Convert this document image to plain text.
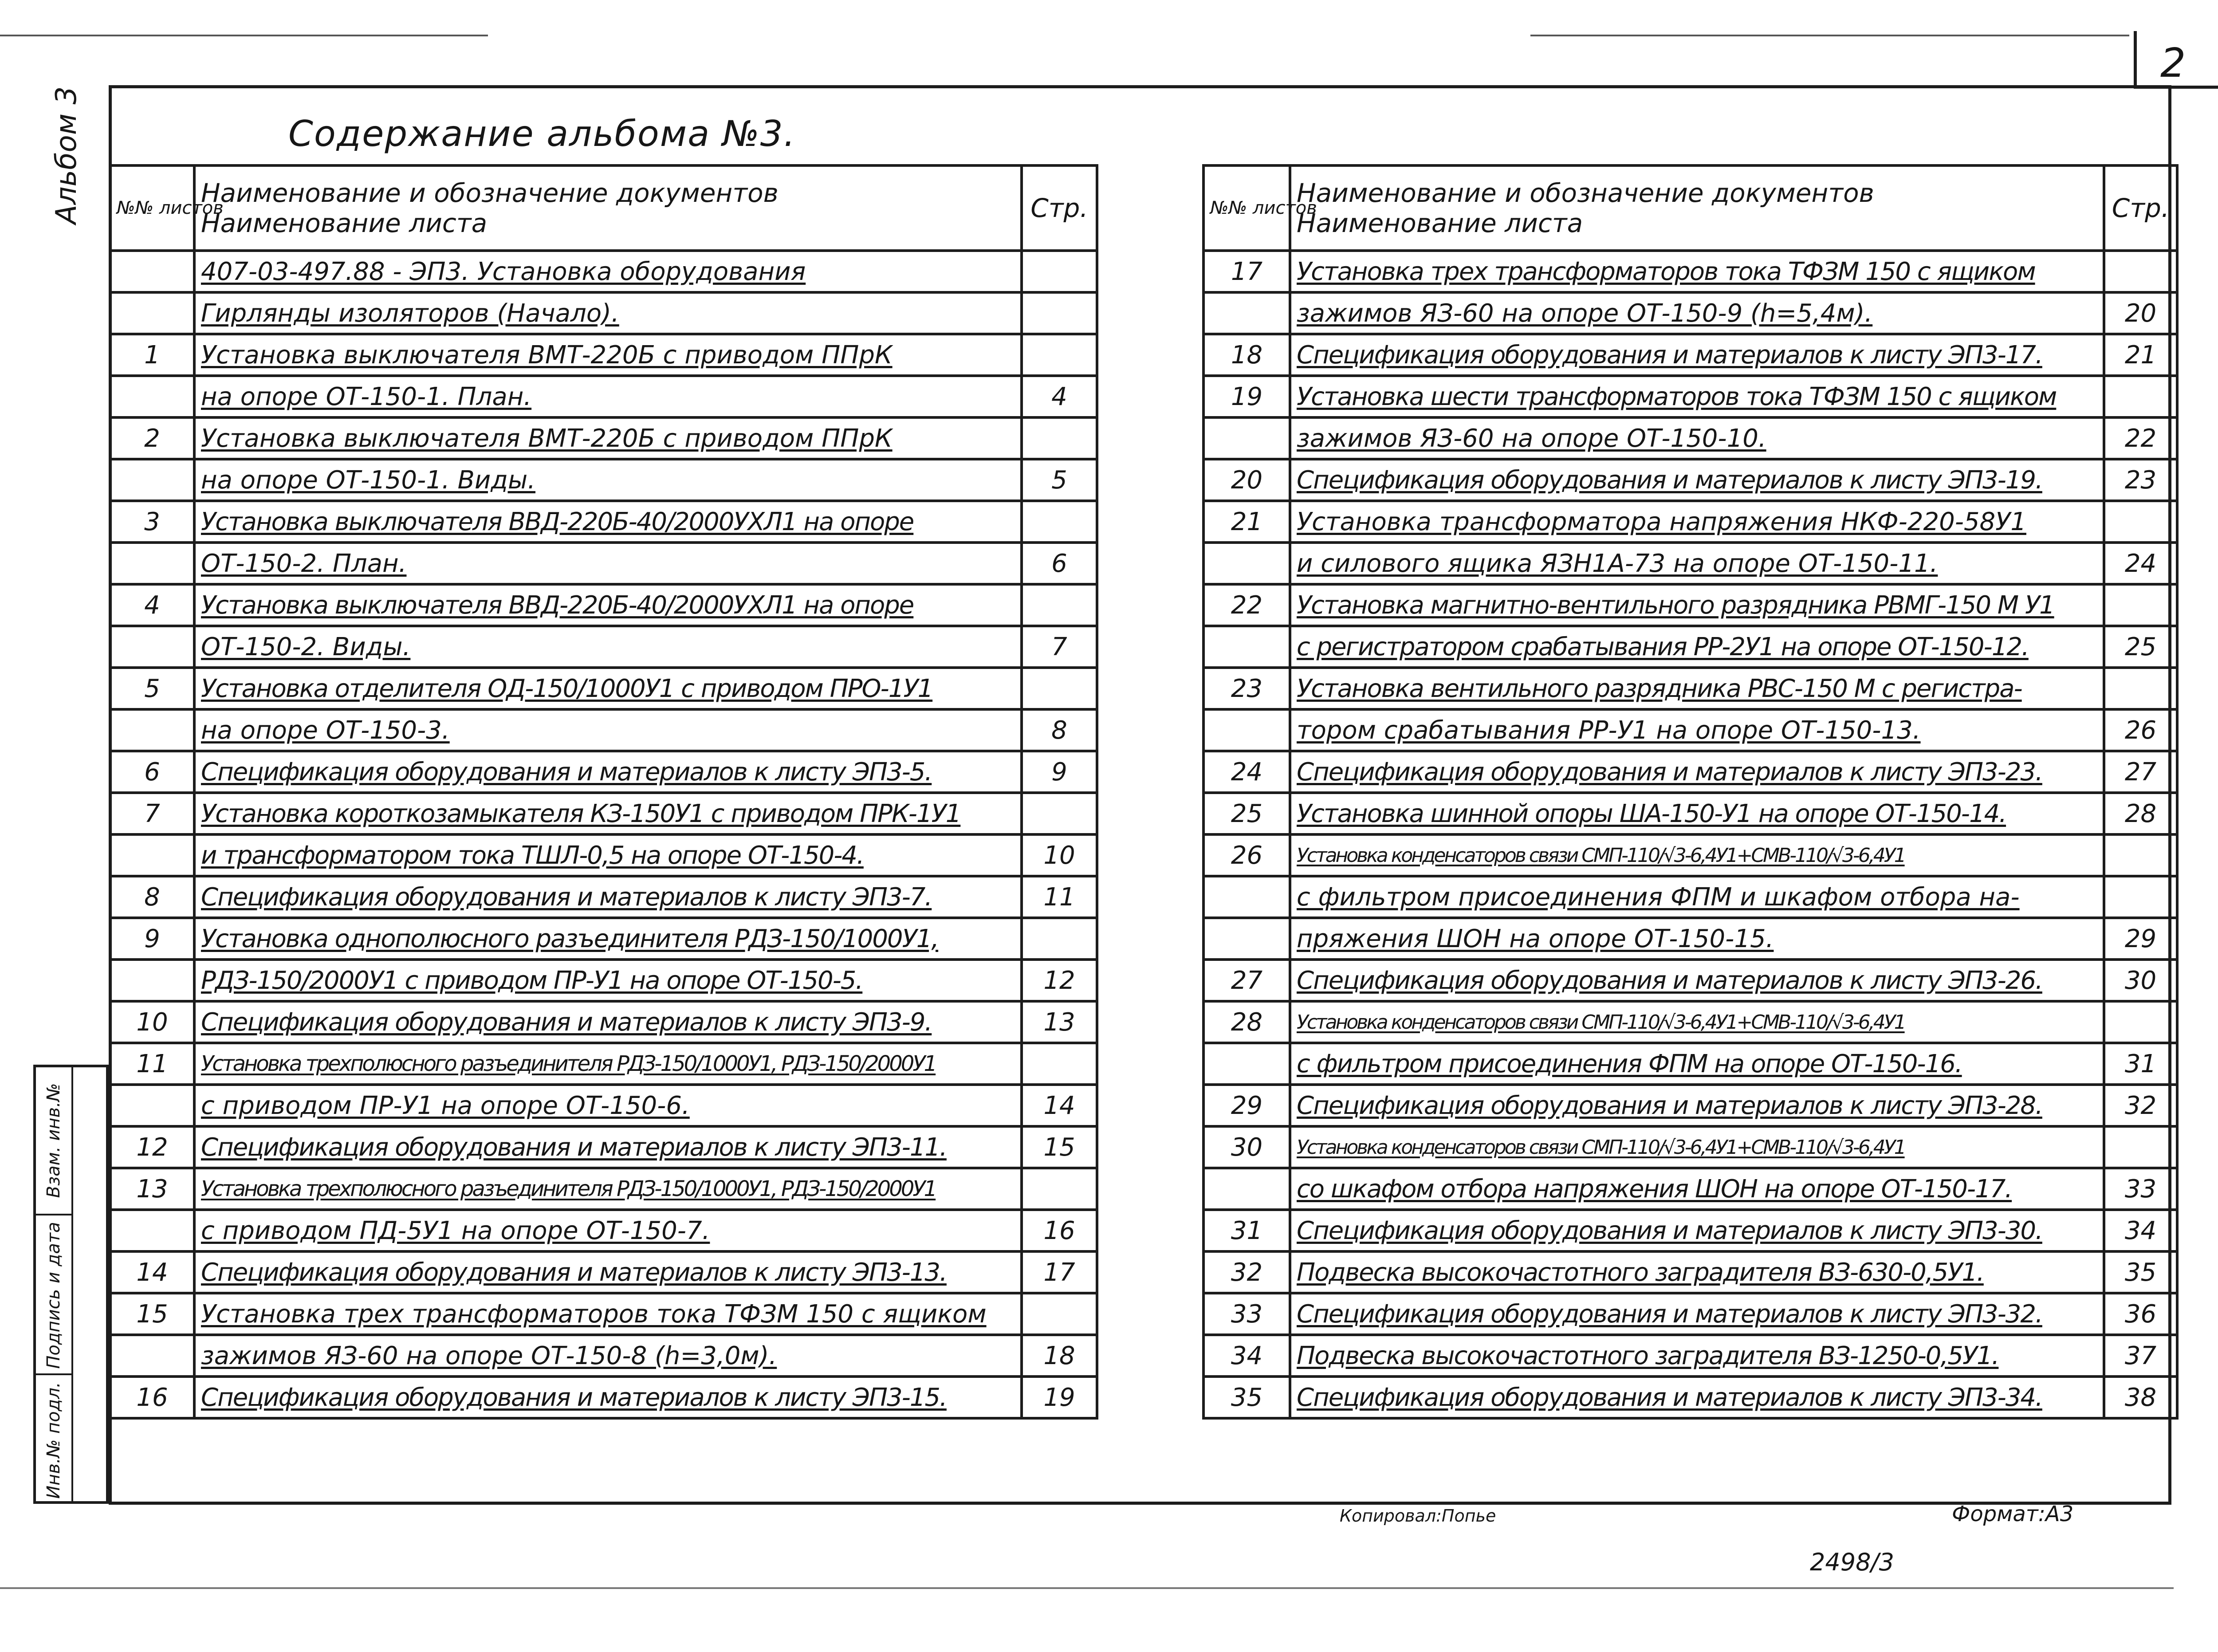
2
Альбом 3
Взам. инв.№
Подпись и дата
Инв.№ подл.
Содержание альбома №3.
№№ листов	Наименование и обозначение документов
Наименование листа	Стр.
	407-03-497.88 - ЭП3. Установка оборудования	
	Гирлянды изоляторов (Начало).	
1	Установка выключателя ВМТ-220Б с приводом ППрК	
	на опоре ОТ-150-1. План.	4
2	Установка выключателя ВМТ-220Б с приводом ППрК	
	на опоре ОТ-150-1. Виды.	5
3	Установка выключателя ВВД-220Б-40/2000УХЛ1 на опоре	
	ОТ-150-2. План.	6
4	Установка выключателя ВВД-220Б-40/2000УХЛ1 на опоре	
	ОТ-150-2. Виды.	7
5	Установка отделителя ОД-150/1000У1 с приводом ПРО-1У1	
	на опоре ОТ-150-3.	8
6	Спецификация оборудования и материалов к листу ЭП3-5.	9
7	Установка короткозамыкателя КЗ-150У1 с приводом ПРК-1У1	
	и трансформатором тока ТШЛ-0,5 на опоре ОТ-150-4.	10
8	Спецификация оборудования и материалов к листу ЭП3-7.	11
9	Установка однополюсного разъединителя РДЗ-150/1000У1,	
	РДЗ-150/2000У1 с приводом ПР-У1 на опоре ОТ-150-5.	12
10	Спецификация оборудования и материалов к листу ЭП3-9.	13
11	Установка трехполюсного разъединителя РДЗ-150/1000У1, РДЗ-150/2000У1	
	с приводом ПР-У1 на опоре ОТ-150-6.	14
12	Спецификация оборудования и материалов к листу ЭП3-11.	15
13	Установка трехполюсного разъединителя РДЗ-150/1000У1, РДЗ-150/2000У1	
	с приводом ПД-5У1 на опоре ОТ-150-7.	16
14	Спецификация оборудования и материалов к листу ЭП3-13.	17
15	Установка трех трансформаторов тока ТФЗМ 150 с ящиком	
	зажимов ЯЗ-60 на опоре ОТ-150-8 (h=3,0м).	18
16	Спецификация оборудования и материалов к листу ЭП3-15.	19
№№ листов	Наименование и обозначение документов
Наименование листа	Стр.
17	Установка трех трансформаторов тока ТФЗМ 150 с ящиком	
	зажимов ЯЗ-60 на опоре ОТ-150-9 (h=5,4м).	20
18	Спецификация оборудования и материалов к листу ЭП3-17.	21
19	Установка шести трансформаторов тока ТФЗМ 150 с ящиком	
	зажимов ЯЗ-60 на опоре ОТ-150-10.	22
20	Спецификация оборудования и материалов к листу ЭП3-19.	23
21	Установка трансформатора напряжения НКФ-220-58У1	
	и силового ящика ЯЗН1А-73 на опоре ОТ-150-11.	24
22	Установка магнитно-вентильного разрядника РВМГ-150 М У1	
	с регистратором срабатывания РР-2У1 на опоре ОТ-150-12.	25
23	Установка вентильного разрядника РВС-150 М с регистра-	
	тором срабатывания РР-У1 на опоре ОТ-150-13.	26
24	Спецификация оборудования и материалов к листу ЭП3-23.	27
25	Установка шинной опоры ША-150-У1 на опоре ОТ-150-14.	28
26	Установка конденсаторов связи СМП-110/√3-6,4У1+СМВ-110/√3-6,4У1	
	с фильтром присоединения ФПМ и шкафом отбора на-	
	пряжения ШОН на опоре ОТ-150-15.	29
27	Спецификация оборудования и материалов к листу ЭП3-26.	30
28	Установка конденсаторов связи СМП-110/√3-6,4У1+СМВ-110/√3-6,4У1	
	с фильтром присоединения ФПМ на опоре ОТ-150-16.	31
29	Спецификация оборудования и материалов к листу ЭП3-28.	32
30	Установка конденсаторов связи СМП-110/√3-6,4У1+СМВ-110/√3-6,4У1	
	со шкафом отбора напряжения ШОН на опоре ОТ-150-17.	33
31	Спецификация оборудования и материалов к листу ЭП3-30.	34
32	Подвеска высокочастотного заградителя ВЗ-630-0,5У1.	35
33	Спецификация оборудования и материалов к листу ЭП3-32.	36
34	Подвеска высокочастотного заградителя ВЗ-1250-0,5У1.	37
35	Спецификация оборудования и материалов к листу ЭП3-34.	38
Копировал:Попье	Формат:А3
2498/3
